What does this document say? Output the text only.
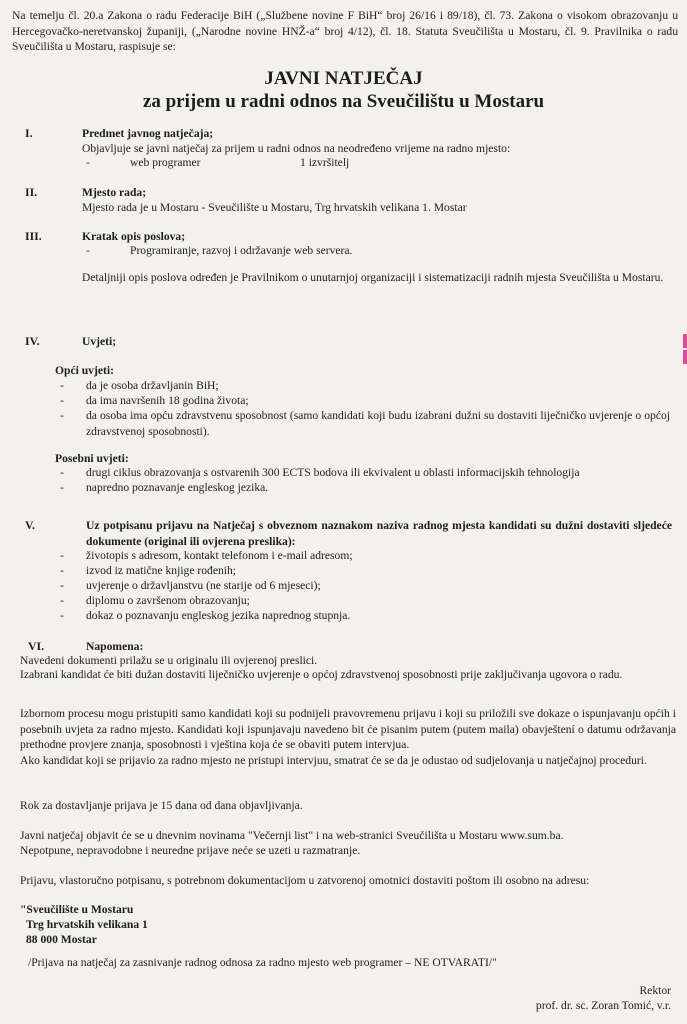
Na temelju čl. 20.a Zakona o radu Federacije BiH („Službene novine F BiH“ broj 26/16 i 89/18), čl. 73. Zakona o visokom obrazovanju u Hercegovačko-neretvanskoj županiji, („Narodne novine HNŽ-a“ broj 4/12), čl. 18. Statuta Sveučilišta u Mostaru, čl. 9. Pravilnika o radu Sveučilišta u Mostaru, raspisuje se:
JAVNI NATJEČAJ
za prijem u radni odnos na Sveučilištu u Mostaru
I.	Predmet javnog natječaja;
Objavljuje se javni natječaj za prijem u radni odnos na neodređeno vrijeme na radno mjesto:
-	web programer	1 izvršitelj
II.	Mjesto rada;
Mjesto rada je u Mostaru - Sveučilište u Mostaru, Trg hrvatskih velikana 1. Mostar
III.	Kratak opis poslova;
-	Programiranje, razvoj i održavanje web servera.
Detaljniji opis poslova određen je Pravilnikom o unutarnjoj organizaciji i sistematizaciji radnih mjesta Sveučilišta u Mostaru.
IV.	Uvjeti;
Opći uvjeti:
- da je osoba državljanin BiH;
- da ima navršenih 18 godina života;
- da osoba ima opću zdravstvenu sposobnost (samo kandidati koji budu izabrani dužni su dostaviti liječničko uvjerenje o općoj zdravstvenoj sposobnosti).
Posebni uvjeti:
- drugi ciklus obrazovanja s ostvarenih 300 ECTS bodova ili ekvivalent u oblasti informacijskih tehnologija
- napredno poznavanje engleskog jezika.
V.	Uz potpisanu prijavu na Natječaj s obveznom naznakom naziva radnog mjesta kandidati su dužni dostaviti sljedeće dokumente (original ili ovjerena preslika):
- životopis s adresom, kontakt telefonom i e-mail adresom;
- izvod iz matične knjige rođenih;
- uvjerenje o državljanstvu (ne starije od 6 mjeseci);
- diplomu o završenom obrazovanju;
- dokaz o poznavanju engleskog jezika naprednog stupnja.
VI.	Napomena:
Navedeni dokumenti prilažu se u originalu ili ovjerenoj preslici.
Izabrani kandidat će biti dužan dostaviti liječničko uvjerenje o općoj zdravstvenoj sposobnosti prije zaključivanja ugovora o radu.
Izbornom procesu mogu pristupiti samo kandidati koji su podnijeli pravovremenu prijavu i koji su priložili sve dokaze o ispunjavanju općih i posebnih uvjeta za radno mjesto. Kandidati koji ispunjavaju navedeno bit će pisanim putem (putem maila) obavještení o datumu održavanja prethodne provjere znanja, sposobnosti i vještina koja će se obaviti putem intervjua.
Ako kandidat koji se prijavio za radno mjesto ne pristupi intervjuu, smatrat će se da je odustao od sudjelovanja u natječajnoj proceduri.
Rok za dostavljanje prijava je 15 dana od dana objavljivanja.
Javni natječaj objavit će se u dnevnim novinama "Večernji list" i na web-stranici Sveučilišta u Mostaru www.sum.ba.
Nepotpune, nepravodobne i neuredne prijave neće se uzeti u razmatranje.
Prijavu, vlastoručno potpisanu, s potrebnom dokumentacijom u zatvorenoj omotnici dostaviti poštom ili osobno na adresu:
"Sveučilište u Mostaru
Trg hrvatskih velikana 1
88 000 Mostar
/Prijava na natječaj za zasnivanje radnog odnosa za radno mjesto web programer – NE OTVARATI/"
Rektor
prof. dr. sc. Zoran Tomić, v.r.
